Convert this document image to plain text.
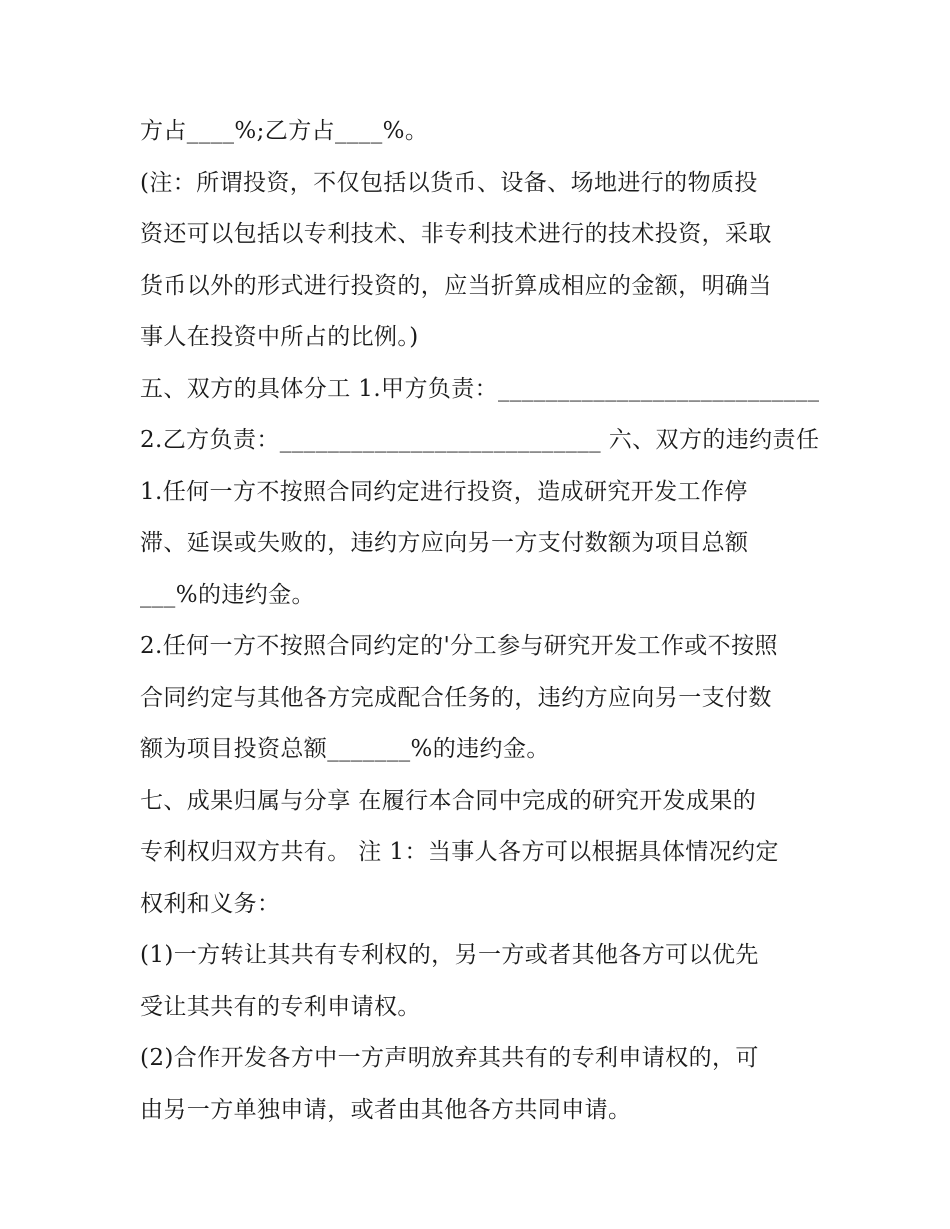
方占____%;乙方占____%。
(注：所谓投资，不仅包括以货币、设备、场地进行的物质投
资还可以包括以专利技术、非专利技术进行的技术投资，采取
货币以外的形式进行投资的，应当折算成相应的金额，明确当
事人在投资中所占的比例。)
五、双方的具体分工 1.甲方负责：___________________________
2.乙方负责：___________________________ 六、双方的违约责任
1.任何一方不按照合同约定进行投资，造成研究开发工作停
滞、延误或失败的，违约方应向另一方支付数额为项目总额
___%的违约金。
2.任何一方不按照合同约定的'分工参与研究开发工作或不按照
合同约定与其他各方完成配合任务的，违约方应向另一支付数
额为项目投资总额_______%的违约金。
七、成果归属与分享 在履行本合同中完成的研究开发成果的
专利权归双方共有。 注 1：当事人各方可以根据具体情况约定
权利和义务：
(1)一方转让其共有专利权的，另一方或者其他各方可以优先
受让其共有的专利申请权。
(2)合作开发各方中一方声明放弃其共有的专利申请权的，可
由另一方单独申请，或者由其他各方共同申请。
